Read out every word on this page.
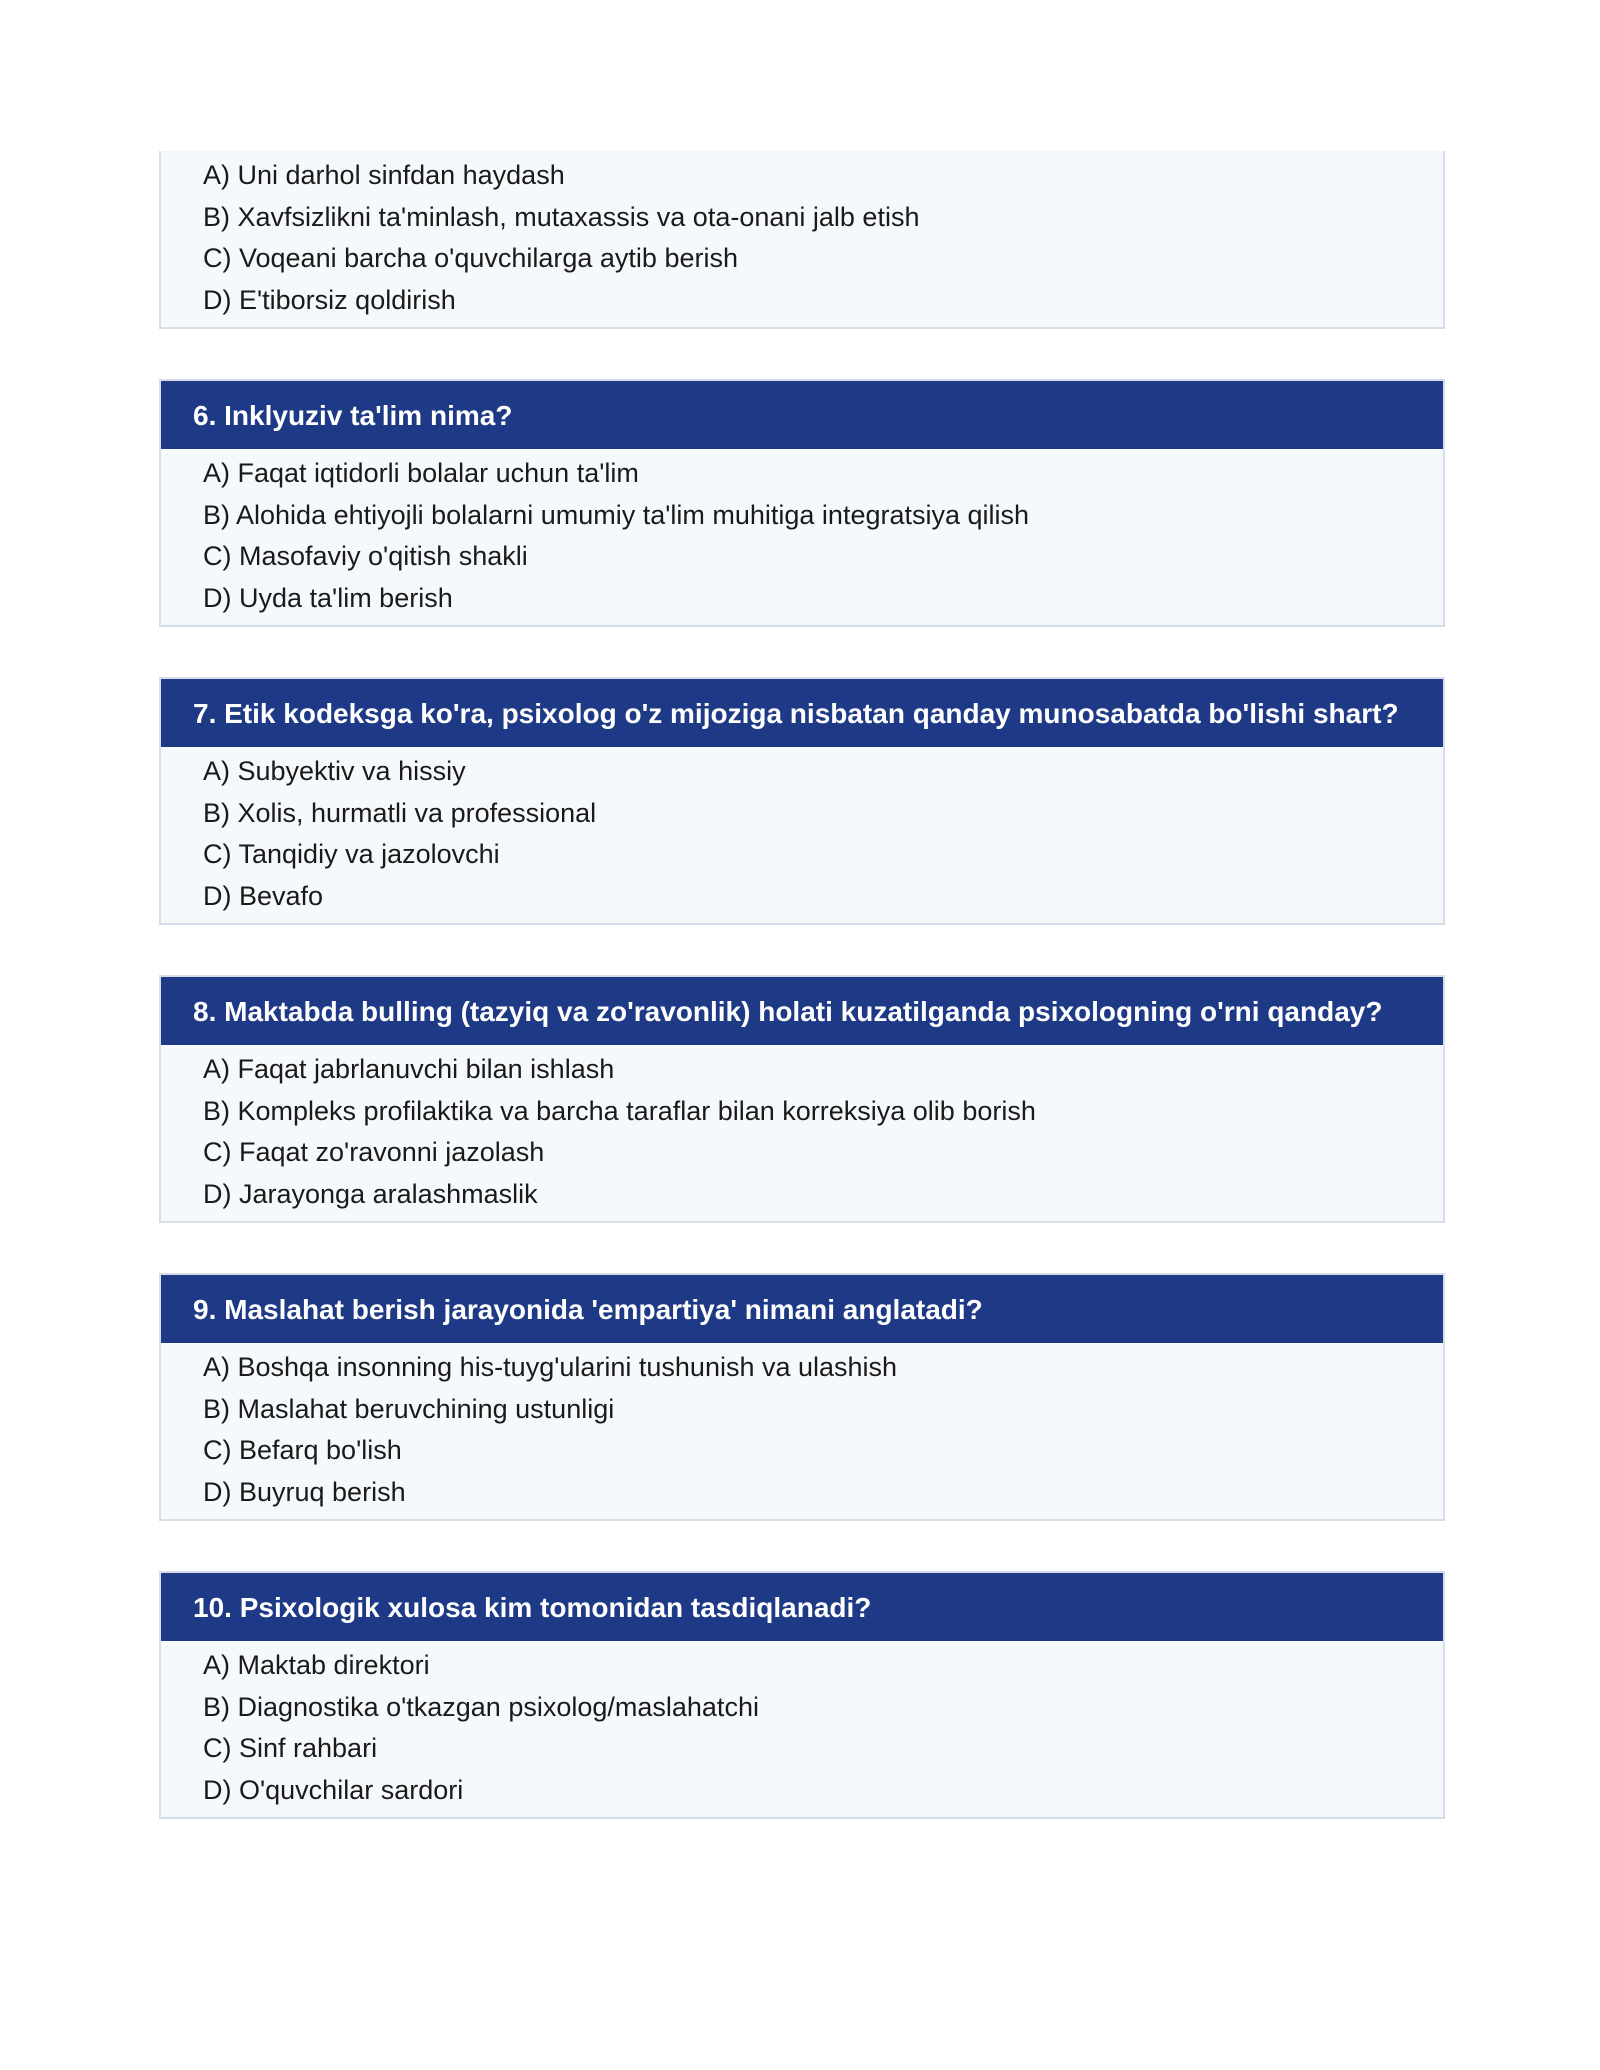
A) Uni darhol sinfdan haydash
B) Xavfsizlikni ta'minlash, mutaxassis va ota-onani jalb etish
C) Voqeani barcha o'quvchilarga aytib berish
D) E'tiborsiz qoldirish
6. Inklyuziv ta'lim nima?
A) Faqat iqtidorli bolalar uchun ta'lim
B) Alohida ehtiyojli bolalarni umumiy ta'lim muhitiga integratsiya qilish
C) Masofaviy o'qitish shakli
D) Uyda ta'lim berish
7. Etik kodeksga ko'ra, psixolog o'z mijoziga nisbatan qanday munosabatda bo'lishi shart?
A) Subyektiv va hissiy
B) Xolis, hurmatli va professional
C) Tanqidiy va jazolovchi
D) Bevafo
8. Maktabda bulling (tazyiq va zo'ravonlik) holati kuzatilganda psixologning o'rni qanday?
A) Faqat jabrlanuvchi bilan ishlash
B) Kompleks profilaktika va barcha taraflar bilan korreksiya olib borish
C) Faqat zo'ravonni jazolash
D) Jarayonga aralashmaslik
9. Maslahat berish jarayonida 'empartiya' nimani anglatadi?
A) Boshqa insonning his-tuyg'ularini tushunish va ulashish
B) Maslahat beruvchining ustunligi
C) Befarq bo'lish
D) Buyruq berish
10. Psixologik xulosa kim tomonidan tasdiqlanadi?
A) Maktab direktori
B) Diagnostika o'tkazgan psixolog/maslahatchi
C) Sinf rahbari
D) O'quvchilar sardori
